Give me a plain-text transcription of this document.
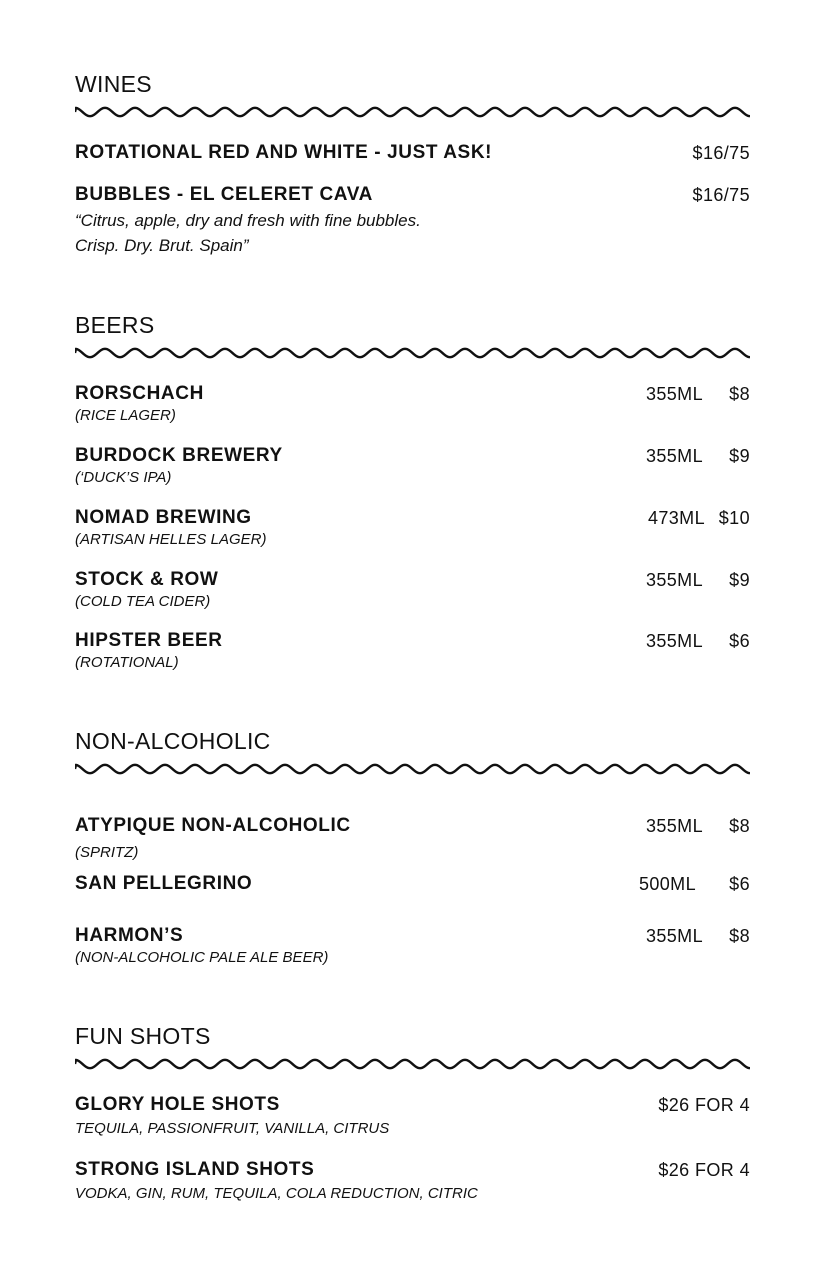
WINES
ROTATIONAL RED AND WHITE - JUST ASK!	$16/75
BUBBLES - EL CELERET CAVA	$16/75
“Citrus, apple, dry and fresh with fine bubbles.
Crisp. Dry. Brut. Spain”
BEERS
RORSCHACH	355ML $8
(RICE LAGER)
BURDOCK BREWERY	355ML $9
(‘DUCK’S IPA)
NOMAD BREWING	473ML $10
(ARTISAN HELLES LAGER)
STOCK & ROW	355ML $9
(COLD TEA CIDER)
HIPSTER BEER	355ML $6
(ROTATIONAL)
NON-ALCOHOLIC
ATYPIQUE NON-ALCOHOLIC	355ML $8
(SPRITZ)
SAN PELLEGRINO	500ML $6
HARMON’S	355ML $8
(NON-ALCOHOLIC PALE ALE BEER)
FUN SHOTS
GLORY HOLE SHOTS	$26 FOR 4
TEQUILA, PASSIONFRUIT, VANILLA, CITRUS
STRONG ISLAND SHOTS	$26 FOR 4
VODKA, GIN, RUM, TEQUILA, COLA REDUCTION, CITRIC
